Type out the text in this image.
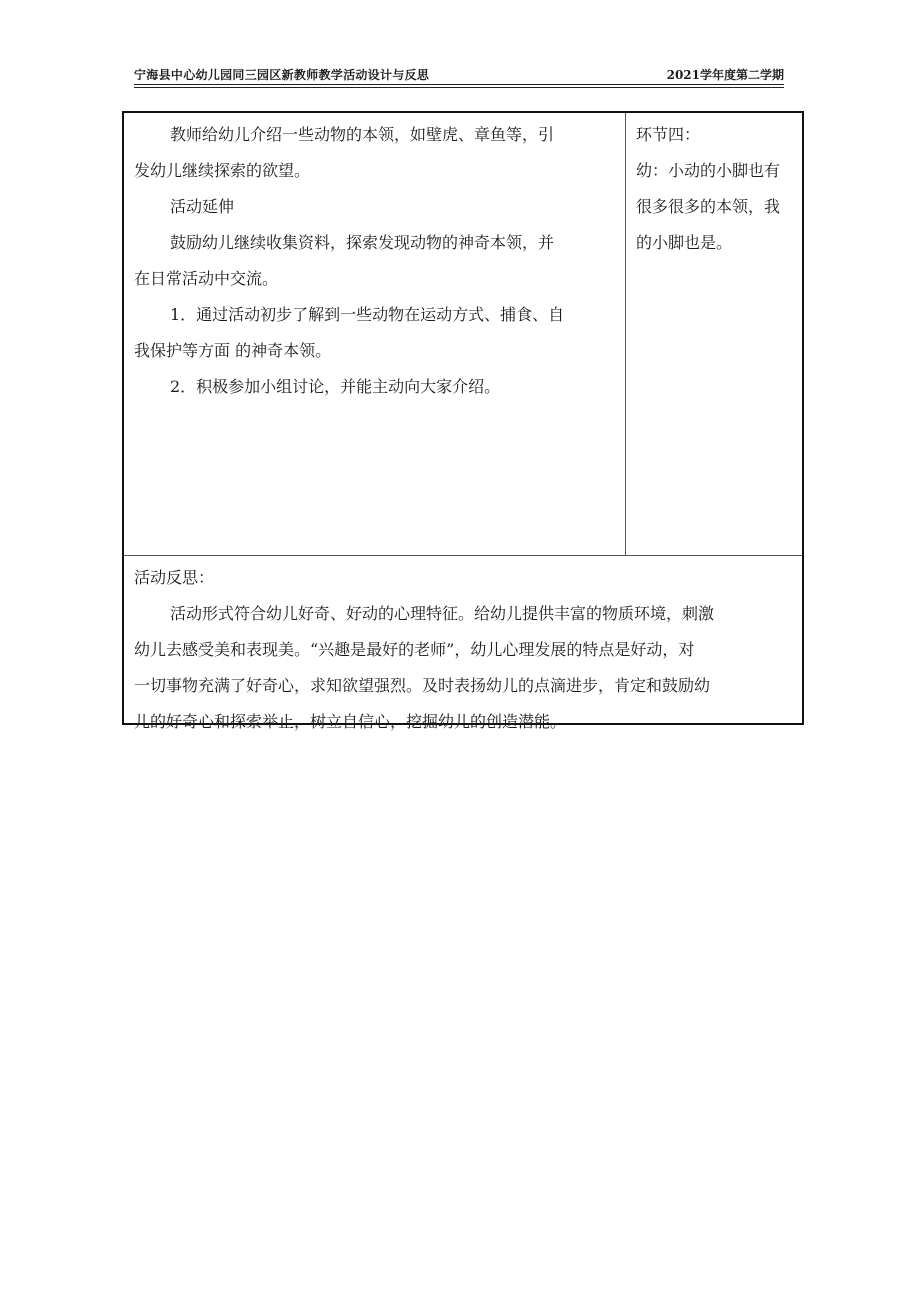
宁海县中心幼儿园同三园区新教师教学活动设计与反思	2021学年度第二学期
教师给幼儿介绍一些动物的本领，如壁虎、章鱼等，引
发幼儿继续探索的欲望。
活动延伸
鼓励幼儿继续收集资料，探索发现动物的神奇本领，并
在日常活动中交流。
1．通过活动初步了解到一些动物在运动方式、捕食、自
我保护等方面 的神奇本领。
2．积极参加小组讨论，并能主动向大家介绍。
环节四：
幼：小动的小脚也有
很多很多的本领，我
的小脚也是。
活动反思：
活动形式符合幼儿好奇、好动的心理特征。给幼儿提供丰富的物质环境，刺激
幼儿去感受美和表现美。“兴趣是最好的老师”，幼儿心理发展的特点是好动，对
一切事物充满了好奇心，求知欲望强烈。及时表扬幼儿的点滴进步，肯定和鼓励幼
儿的好奇心和探索举止，树立自信心，挖掘幼儿的创造潜能。
